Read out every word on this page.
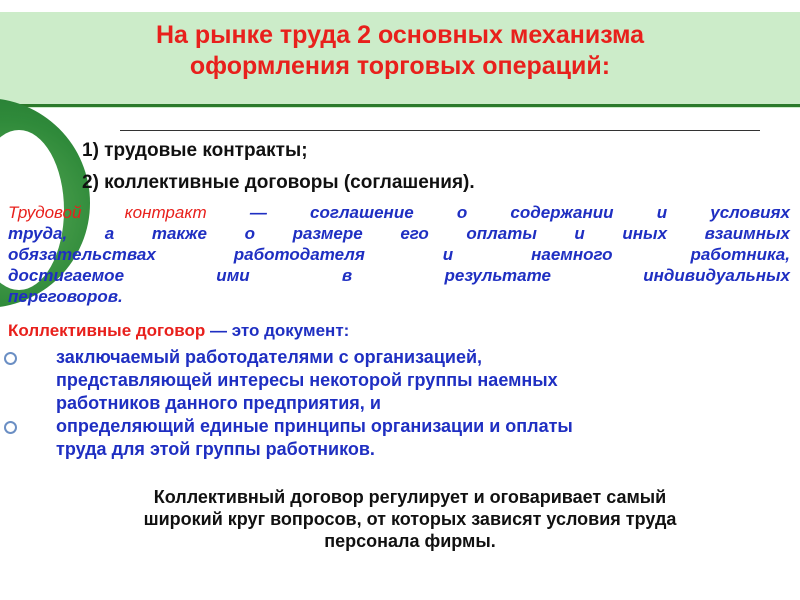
На рынке труда 2 основных механизма
оформления торговых операций:
1) трудовые контракты;
2) коллективные договоры (соглашения).

Трудовой контракт — соглашение о содержании и условиях
труда, а также о размере его оплаты и иных взаимных
обязательствах работодателя и наемного работника,
достигаемое ими в результате индивидуальных
переговоров.

Коллективные договор — это документ:

заключаемый работодателями с организацией,
представляющей интересы некоторой группы наемных
работников данного предприятия, и
определяющий единые принципы организации и оплаты
труда для этой группы работников.

Коллективный договор регулирует и оговаривает самый
широкий круг вопросов, от которых зависят условия труда
персонала фирмы.
